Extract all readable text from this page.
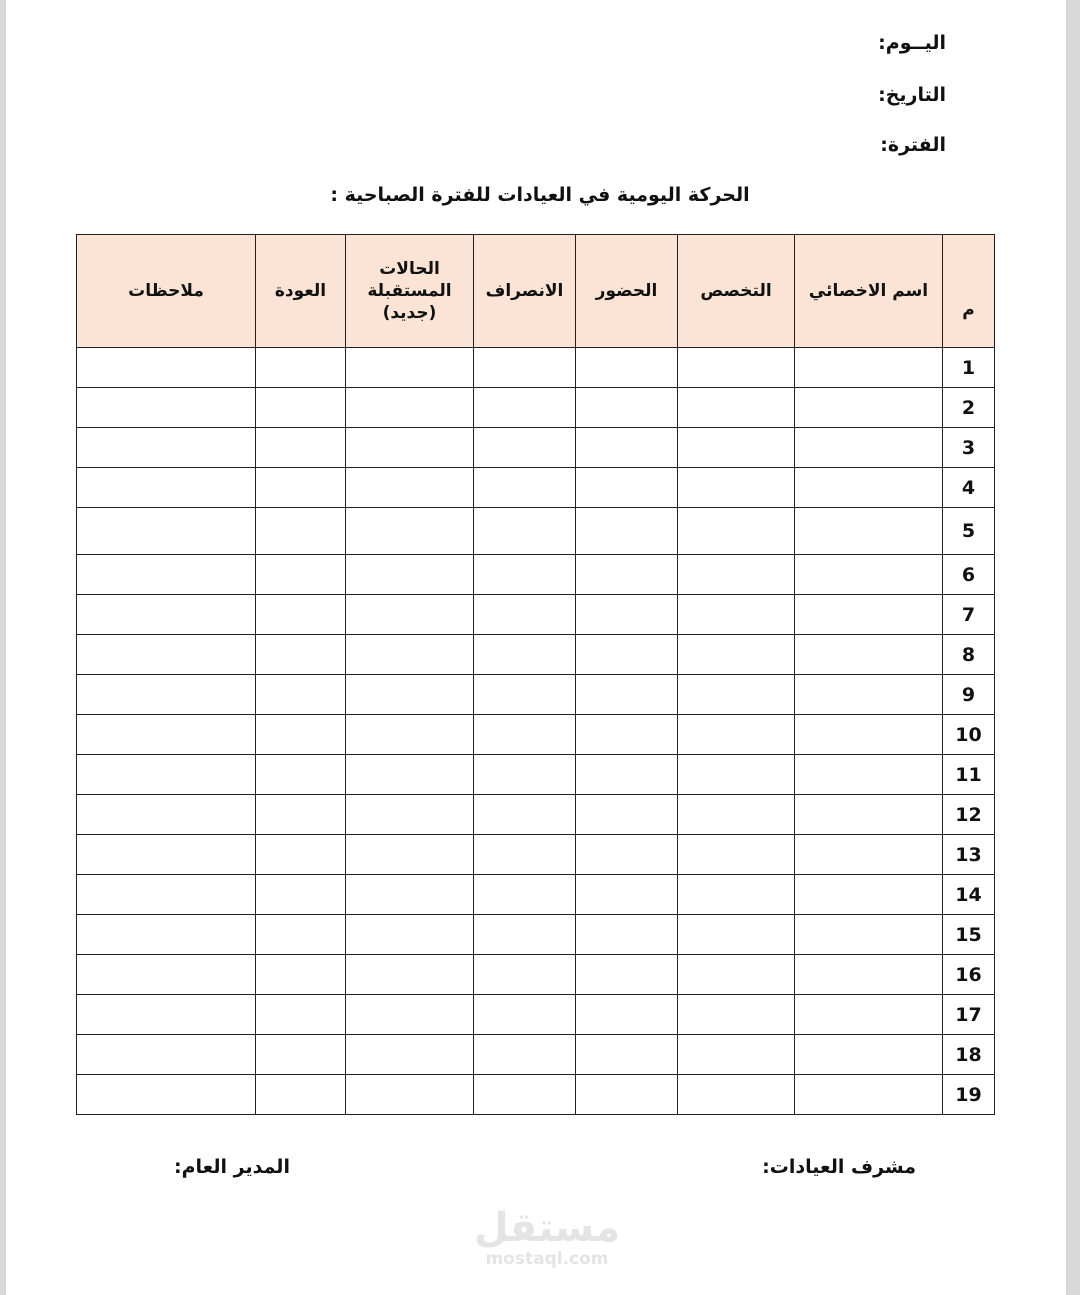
اليــوم:
التاريخ:
الفترة:
الحركة اليومية في العيادات للفترة الصباحية :
م	اسم الاخصائي	التخصص	الحضور	الانصراف	الحالات
المستقبلة
(جديد)	العودة	ملاحظات
1							
2							
3							
4							
5							
6							
7							
8							
9							
10							
11							
12							
13							
14							
15							
16							
17							
18							
19							
مشرف العيادات:
المدير العام:
مستقل
mostaql.com
